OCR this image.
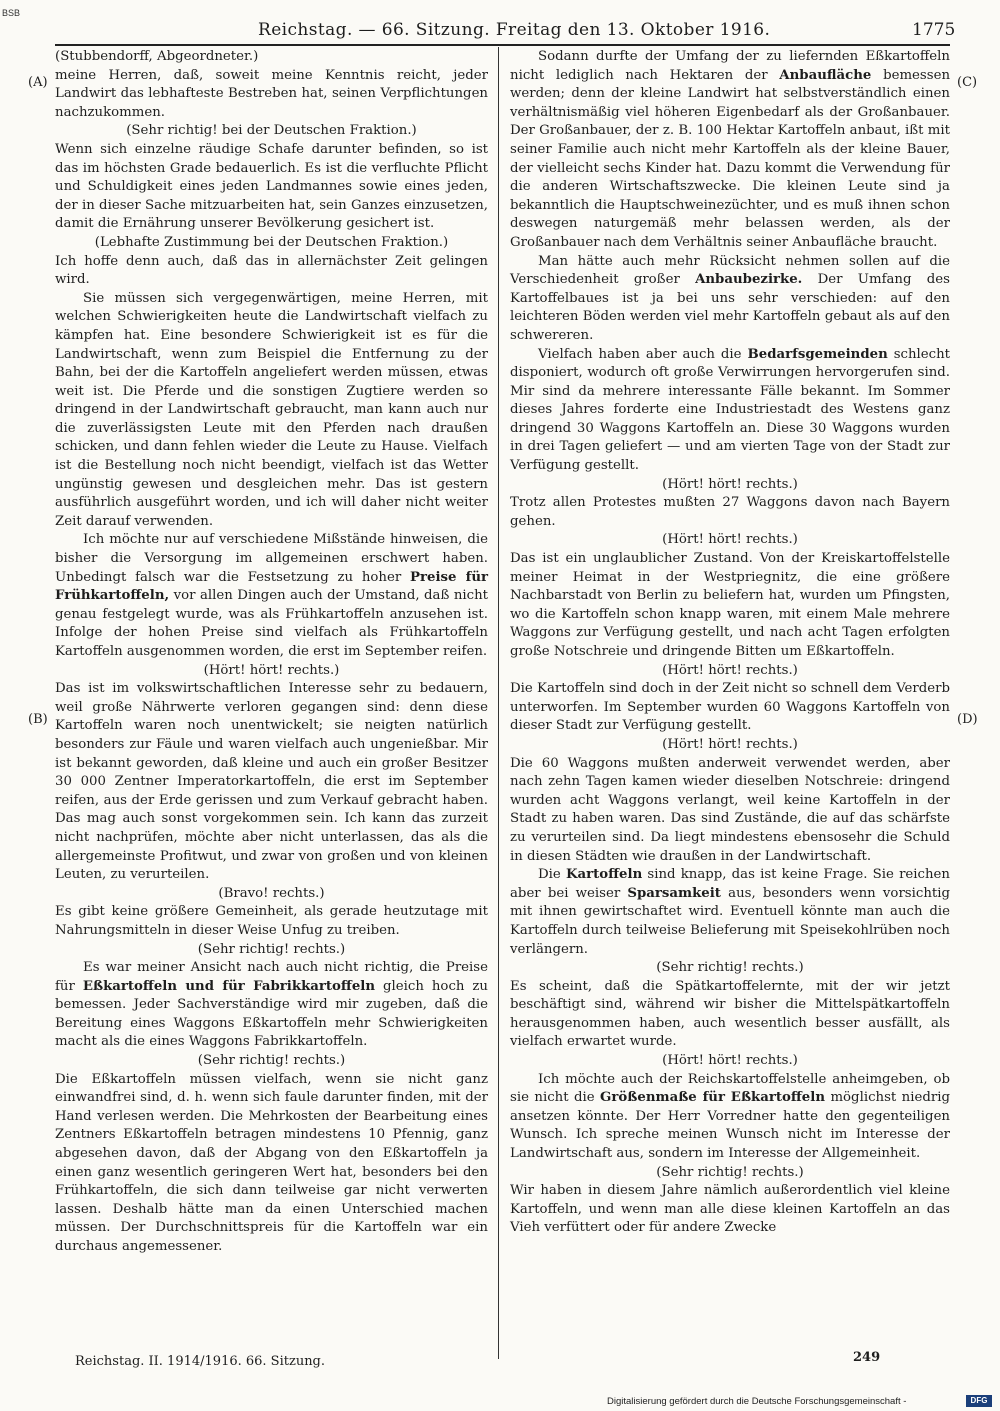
BSB
Reichstag. — 66. Sitzung. Freitag den 13. Oktober 1916.	1775
(A)
(B)
(C)
(D)

(Stubbendorff, Abgeordneter.)

meine Herren, daß, soweit meine Kenntnis reicht, jeder Landwirt das lebhafteste Bestreben hat, seinen Verpflichtungen nachzukommen.

(Sehr richtig! bei der Deutschen Fraktion.)

Wenn sich einzelne räudige Schafe darunter befinden, so ist das im höchsten Grade bedauerlich. Es ist die verfluchte Pflicht und Schuldigkeit eines jeden Landmannes sowie eines jeden, der in dieser Sache mitzuarbeiten hat, sein Ganzes einzusetzen, damit die Ernährung unserer Bevölkerung gesichert ist.

(Lebhafte Zustimmung bei der Deutschen Fraktion.)

Ich hoffe denn auch, daß das in allernächster Zeit gelingen wird.

Sie müssen sich vergegenwärtigen, meine Herren, mit welchen Schwierigkeiten heute die Landwirtschaft vielfach zu kämpfen hat. Eine besondere Schwierigkeit ist es für die Landwirtschaft, wenn zum Beispiel die Entfernung zu der Bahn, bei der die Kartoffeln angeliefert werden müssen, etwas weit ist. Die Pferde und die sonstigen Zugtiere werden so dringend in der Landwirtschaft gebraucht, man kann auch nur die zuverlässigsten Leute mit den Pferden nach draußen schicken, und dann fehlen wieder die Leute zu Hause. Vielfach ist die Bestellung noch nicht beendigt, vielfach ist das Wetter ungünstig gewesen und desgleichen mehr. Das ist gestern ausführlich ausgeführt worden, und ich will daher nicht weiter Zeit darauf verwenden.

Ich möchte nur auf verschiedene Mißstände hinweisen, die bisher die Versorgung im allgemeinen erschwert haben. Unbedingt falsch war die Festsetzung zu hoher Preise für Frühkartoffeln, vor allen Dingen auch der Umstand, daß nicht genau festgelegt wurde, was als Frühkartoffeln anzusehen ist. Infolge der hohen Preise sind vielfach als Frühkartoffeln Kartoffeln ausgenommen worden, die erst im September reifen.

(Hört! hört! rechts.)

Das ist im volkswirtschaftlichen Interesse sehr zu bedauern, weil große Nährwerte verloren gegangen sind: denn diese Kartoffeln waren noch unentwickelt; sie neigten natürlich besonders zur Fäule und waren vielfach auch ungenießbar. Mir ist bekannt geworden, daß kleine und auch ein großer Besitzer 30 000 Zentner Imperatorkartoffeln, die erst im September reifen, aus der Erde gerissen und zum Verkauf gebracht haben. Das mag auch sonst vorgekommen sein. Ich kann das zurzeit nicht nachprüfen, möchte aber nicht unterlassen, das als die allergemeinste Profitwut, und zwar von großen und von kleinen Leuten, zu verurteilen.

(Bravo! rechts.)

Es gibt keine größere Gemeinheit, als gerade heutzutage mit Nahrungsmitteln in dieser Weise Unfug zu treiben.

(Sehr richtig! rechts.)

Es war meiner Ansicht nach auch nicht richtig, die Preise für Eßkartoffeln und für Fabrikkartoffeln gleich hoch zu bemessen. Jeder Sachverständige wird mir zugeben, daß die Bereitung eines Waggons Eßkartoffeln mehr Schwierigkeiten macht als die eines Waggons Fabrikkartoffeln.

(Sehr richtig! rechts.)

Die Eßkartoffeln müssen vielfach, wenn sie nicht ganz einwandfrei sind, d. h. wenn sich faule darunter finden, mit der Hand verlesen werden. Die Mehrkosten der Bearbeitung eines Zentners Eßkartoffeln betragen mindestens 10 Pfennig, ganz abgesehen davon, daß der Abgang von den Eßkartoffeln ja einen ganz wesentlich geringeren Wert hat, besonders bei den Frühkartoffeln, die sich dann teilweise gar nicht verwerten lassen. Deshalb hätte man da einen Unterschied machen müssen. Der Durchschnittspreis für die Kartoffeln war ein durchaus angemessener.

Sodann durfte der Umfang der zu liefernden Eßkartoffeln nicht lediglich nach Hektaren der Anbaufläche bemessen werden; denn der kleine Landwirt hat selbstverständlich einen verhältnismäßig viel höheren Eigenbedarf als der Großanbauer. Der Großanbauer, der z. B. 100 Hektar Kartoffeln anbaut, ißt mit seiner Familie auch nicht mehr Kartoffeln als der kleine Bauer, der vielleicht sechs Kinder hat. Dazu kommt die Verwendung für die anderen Wirtschaftszwecke. Die kleinen Leute sind ja bekanntlich die Hauptschweinezüchter, und es muß ihnen schon deswegen naturgemäß mehr belassen werden, als der Großanbauer nach dem Verhältnis seiner Anbaufläche braucht.

Man hätte auch mehr Rücksicht nehmen sollen auf die Verschiedenheit großer Anbaubezirke. Der Umfang des Kartoffelbaues ist ja bei uns sehr verschieden: auf den leichteren Böden werden viel mehr Kartoffeln gebaut als auf den schwereren.

Vielfach haben aber auch die Bedarfsgemeinden schlecht disponiert, wodurch oft große Verwirrungen hervorgerufen sind. Mir sind da mehrere interessante Fälle bekannt. Im Sommer dieses Jahres forderte eine Industriestadt des Westens ganz dringend 30 Waggons Kartoffeln an. Diese 30 Waggons wurden in drei Tagen geliefert — und am vierten Tage von der Stadt zur Verfügung gestellt.

(Hört! hört! rechts.)

Trotz allen Protestes mußten 27 Waggons davon nach Bayern gehen.

(Hört! hört! rechts.)

Das ist ein unglaublicher Zustand. Von der Kreiskartoffelstelle meiner Heimat in der Westpriegnitz, die eine größere Nachbarstadt von Berlin zu beliefern hat, wurden um Pfingsten, wo die Kartoffeln schon knapp waren, mit einem Male mehrere Waggons zur Verfügung gestellt, und nach acht Tagen erfolgten große Notschreie und dringende Bitten um Eßkartoffeln.

(Hört! hört! rechts.)

Die Kartoffeln sind doch in der Zeit nicht so schnell dem Verderb unterworfen. Im September wurden 60 Waggons Kartoffeln von dieser Stadt zur Verfügung gestellt.

(Hört! hört! rechts.)

Die 60 Waggons mußten anderweit verwendet werden, aber nach zehn Tagen kamen wieder dieselben Notschreie: dringend wurden acht Waggons verlangt, weil keine Kartoffeln in der Stadt zu haben waren. Das sind Zustände, die auf das schärfste zu verurteilen sind. Da liegt mindestens ebensosehr die Schuld in diesen Städten wie draußen in der Landwirtschaft.

Die Kartoffeln sind knapp, das ist keine Frage. Sie reichen aber bei weiser Sparsamkeit aus, besonders wenn vorsichtig mit ihnen gewirtschaftet wird. Eventuell könnte man auch die Kartoffeln durch teilweise Belieferung mit Speisekohlrüben noch verlängern.

(Sehr richtig! rechts.)

Es scheint, daß die Spätkartoffelernte, mit der wir jetzt beschäftigt sind, während wir bisher die Mittelspätkartoffeln herausgenommen haben, auch wesentlich besser ausfällt, als vielfach erwartet wurde.

(Hört! hört! rechts.)

Ich möchte auch der Reichskartoffelstelle anheimgeben, ob sie nicht die Größenmaße für Eßkartoffeln möglichst niedrig ansetzen könnte. Der Herr Vorredner hatte den gegenteiligen Wunsch. Ich spreche meinen Wunsch nicht im Interesse der Landwirtschaft aus, sondern im Interesse der Allgemeinheit.

(Sehr richtig! rechts.)

Wir haben in diesem Jahre nämlich außerordentlich viel kleine Kartoffeln, und wenn man alle diese kleinen Kartoffeln an das Vieh verfüttert oder für andere Zwecke

Reichstag. II. 1914/1916. 66. Sitzung.	249
Digitalisierung gefördert durch die Deutsche Forschungsgemeinschaft -	DFG
